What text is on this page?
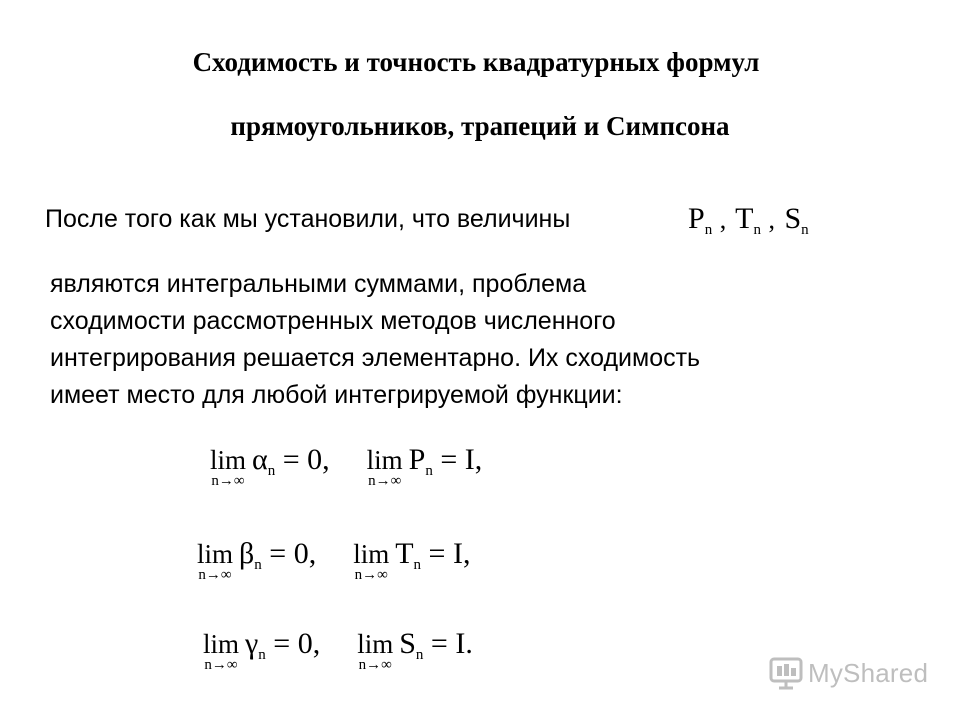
Сходимость и точность квадратурных формул
прямоугольников, трапеций и Симпсона
После того как мы установили, что величины	$P_n$ , $T_n$ , $S_n$
являются интегральными суммами, проблема
сходимости рассмотренных методов численного
интегрирования решается элементарно. Их сходимость
имеет место для любой интегрируемой функции:
lim
n→∞
$\alpha_n = 0$, lim
n→∞
$P_n = I$,
lim
n→∞
$\beta_n = 0$, lim
n→∞
$T_n = I$,
lim
n→∞
$\gamma_n = 0$, lim
n→∞
$S_n = I$.
MyShared
